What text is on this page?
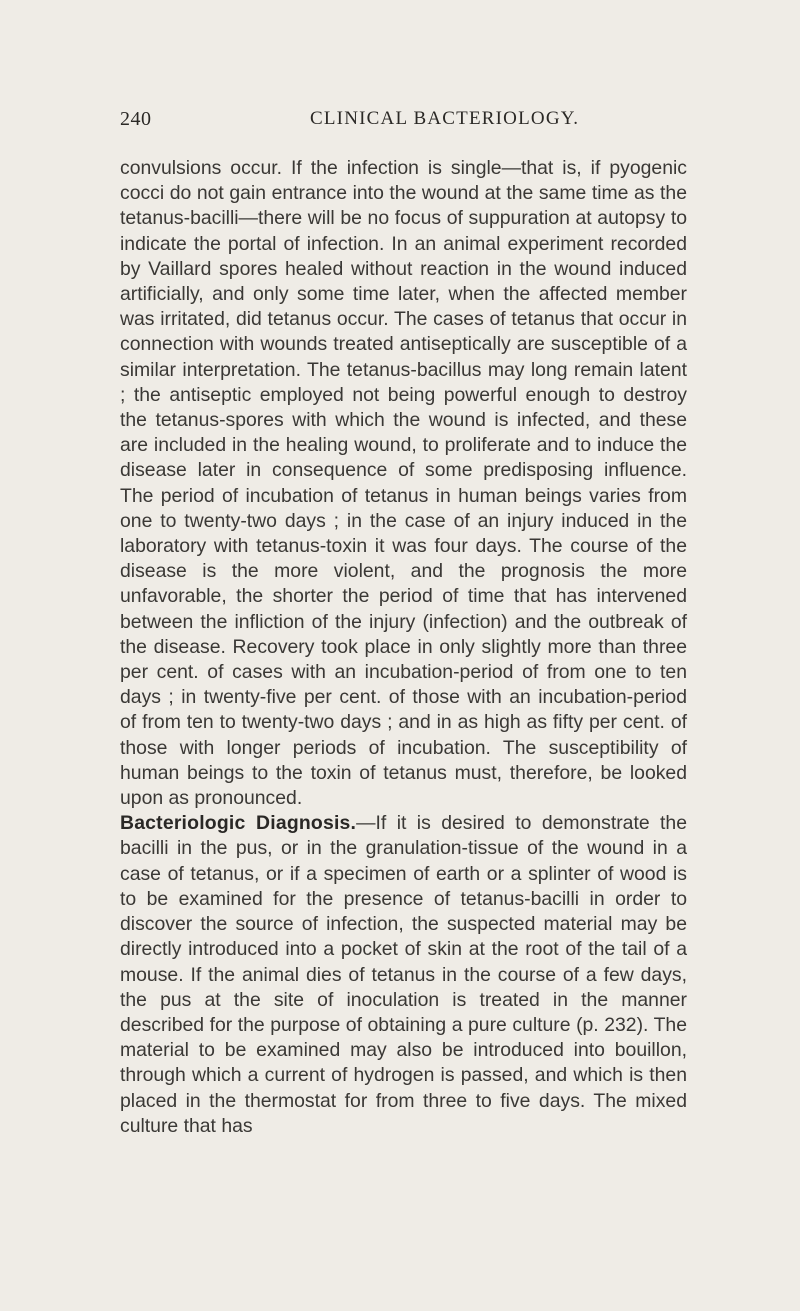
240	CLINICAL BACTERIOLOGY.

convulsions occur. If the infection is single—that is, if pyogenic cocci do not gain entrance into the wound at the same time as the tetanus-bacilli—there will be no focus of suppuration at autopsy to indicate the portal of infection. In an animal experiment recorded by Vaillard spores healed without reaction in the wound induced artificially, and only some time later, when the affected member was irritated, did tetanus occur. The cases of tetanus that occur in connection with wounds treated antiseptically are susceptible of a similar interpretation. The tetanus-bacillus may long remain latent ; the antiseptic employed not being powerful enough to destroy the tetanus-spores with which the wound is infected, and these are included in the healing wound, to proliferate and to induce the disease later in consequence of some predisposing influence. The period of incubation of tetanus in human beings varies from one to twenty-two days ; in the case of an injury induced in the laboratory with tetanus-toxin it was four days. The course of the disease is the more violent, and the prognosis the more unfavorable, the shorter the period of time that has intervened between the infliction of the injury (infection) and the outbreak of the disease. Recovery took place in only slightly more than three per cent. of cases with an incubation-period of from one to ten days ; in twenty-five per cent. of those with an incubation-period of from ten to twenty-two days ; and in as high as fifty per cent. of those with longer periods of incubation. The susceptibility of human beings to the toxin of tetanus must, therefore, be looked upon as pronounced.

Bacteriologic Diagnosis.—If it is desired to demonstrate the bacilli in the pus, or in the granulation-tissue of the wound in a case of tetanus, or if a specimen of earth or a splinter of wood is to be examined for the presence of tetanus-bacilli in order to discover the source of infection, the suspected material may be directly introduced into a pocket of skin at the root of the tail of a mouse. If the animal dies of tetanus in the course of a few days, the pus at the site of inoculation is treated in the manner described for the purpose of obtaining a pure culture (p. 232). The material to be examined may also be introduced into bouillon, through which a current of hydrogen is passed, and which is then placed in the thermostat for from three to five days. The mixed culture that has
